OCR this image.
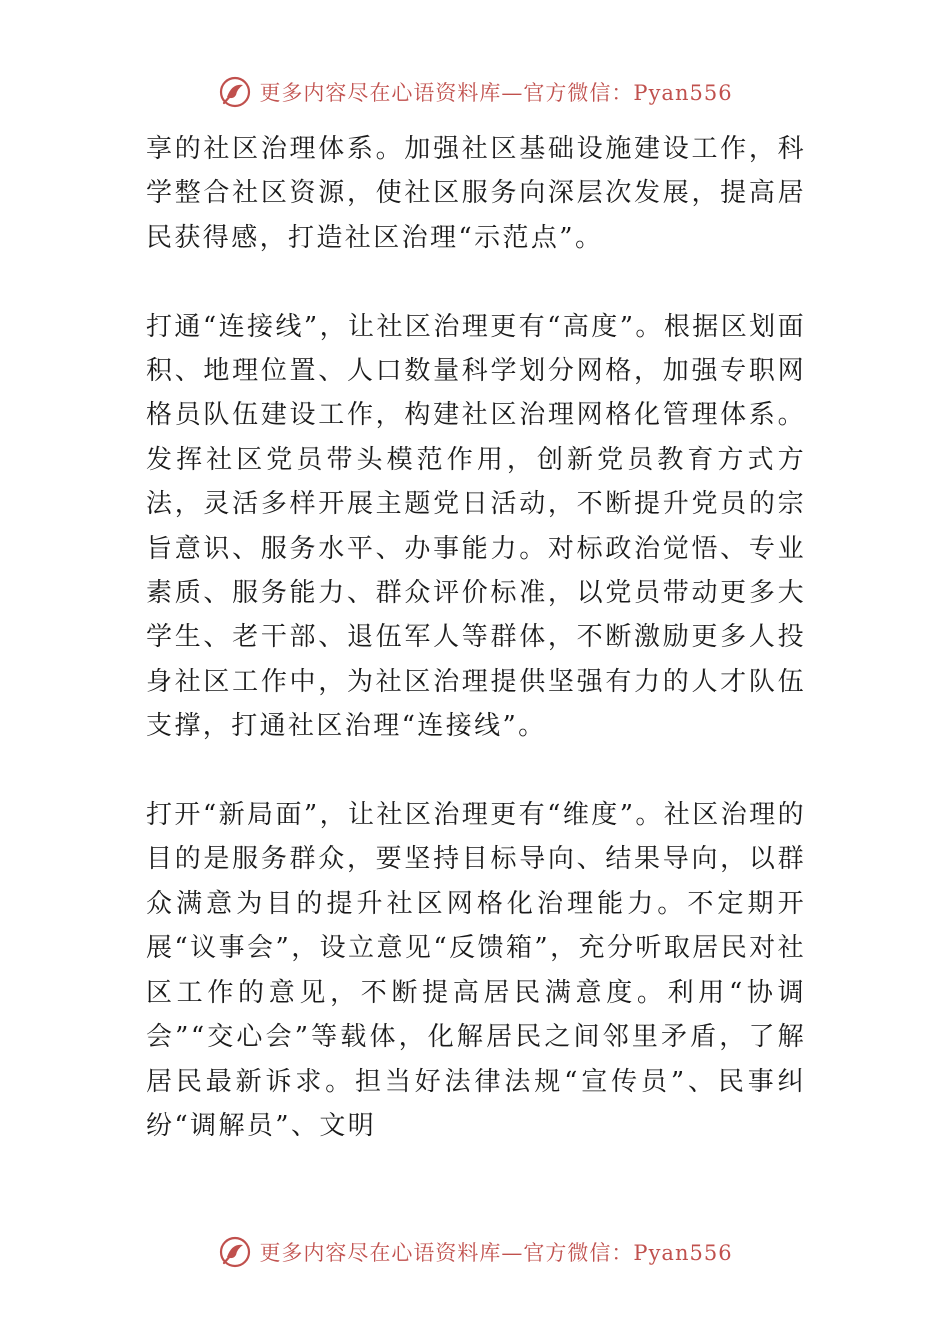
更多内容尽在心语资料库—官方微信：Pyan556

享的社区治理体系。加强社区基础设施建设工作，科学整合社区资源，使社区服务向深层次发展，提高居民获得感，打造社区治理“示范点”。

打通“连接线”，让社区治理更有“高度”。根据区划面积、地理位置、人口数量科学划分网格，加强专职网格员队伍建设工作，构建社区治理网格化管理体系。发挥社区党员带头模范作用，创新党员教育方式方法，灵活多样开展主题党日活动，不断提升党员的宗旨意识、服务水平、办事能力。对标政治觉悟、专业素质、服务能力、群众评价标准，以党员带动更多大学生、老干部、退伍军人等群体，不断激励更多人投身社区工作中，为社区治理提供坚强有力的人才队伍支撑，打通社区治理“连接线”。

打开“新局面”，让社区治理更有“维度”。社区治理的目的是服务群众，要坚持目标导向、结果导向，以群众满意为目的提升社区网格化治理能力。不定期开展“议事会”，设立意见“反馈箱”，充分听取居民对社区工作的意见，不断提高居民满意度。利用“协调会”“交心会”等载体，化解居民之间邻里矛盾，了解居民最新诉求。担当好法律法规“宣传员”、民事纠纷“调解员”、文明

更多内容尽在心语资料库—官方微信：Pyan556
